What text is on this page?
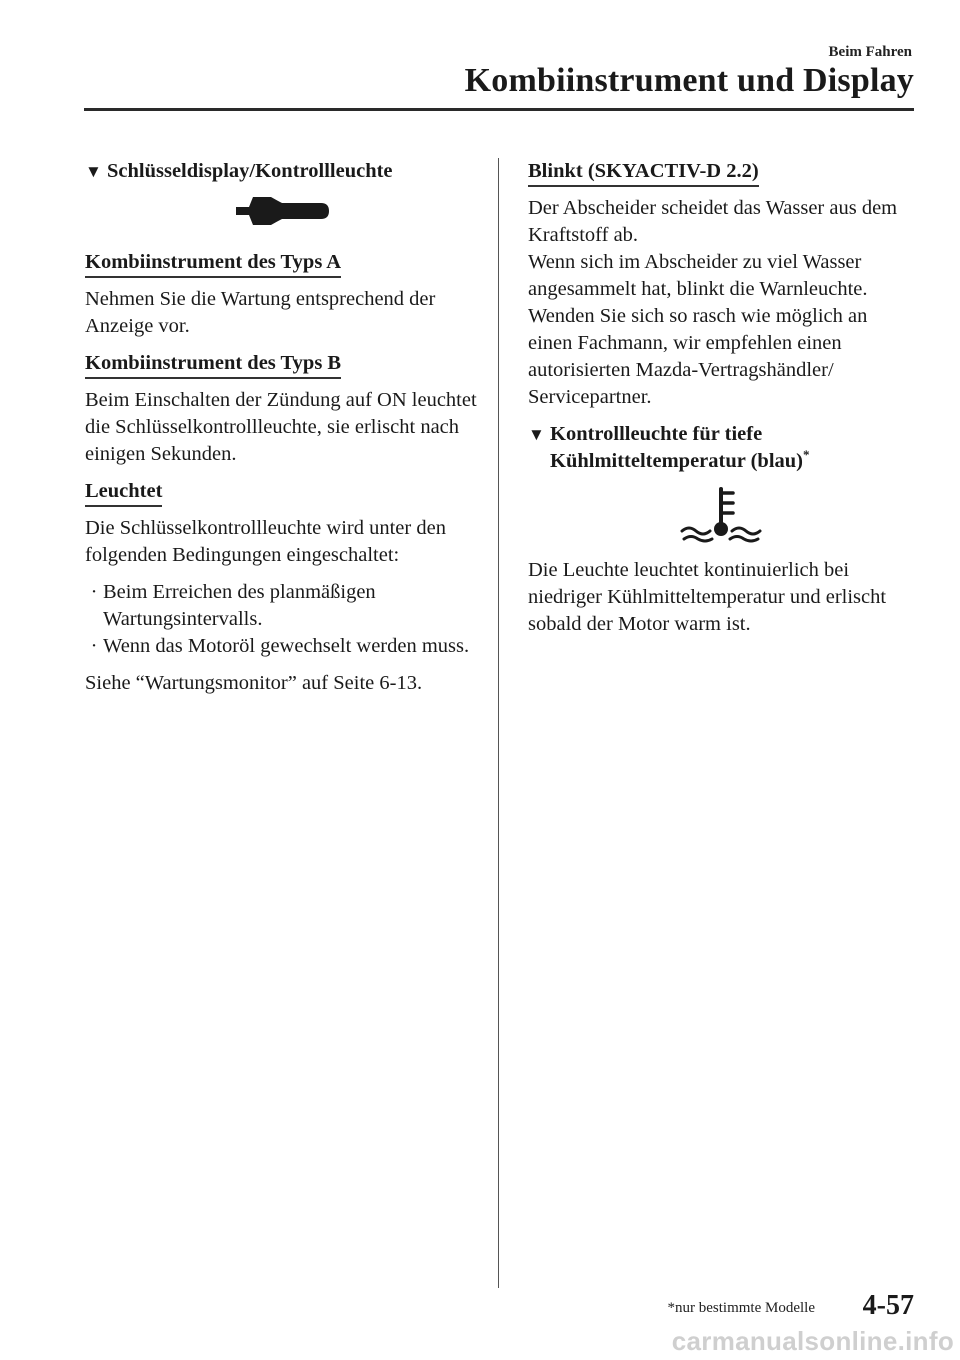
Beim Fahren
Kombiinstrument und Display
▼ Schlüsseldisplay/Kontrollleuchte
Kombiinstrument des Typs A

Nehmen Sie die Wartung entsprechend der Anzeige vor.

Kombiinstrument des Typs B

Beim Einschalten der Zündung auf ON leuchtet die Schlüsselkontrollleuchte, sie erlischt nach einigen Sekunden.

Leuchtet

Die Schlüsselkontrollleuchte wird unter den folgenden Bedingungen eingeschaltet:

· Beim Erreichen des planmäßigen Wartungsintervalls.
· Wenn das Motoröl gewechselt werden muss.

Siehe “Wartungsmonitor” auf Seite 6-13.

Blinkt (SKYACTIV-D 2.2)

Der Abscheider scheidet das Wasser aus dem Kraftstoff ab.

Wenn sich im Abscheider zu viel Wasser angesammelt hat, blinkt die Warnleuchte. Wenden Sie sich so rasch wie möglich an einen Fachmann, wir empfehlen einen autorisierten Mazda-Vertragshändler/ Servicepartner.

▼ Kontrollleuchte für tiefe
Kühlmitteltemperatur (blau)*

Die Leuchte leuchtet kontinuierlich bei niedriger Kühlmitteltemperatur und erlischt sobald der Motor warm ist.

*nur bestimmte Modelle 4-57
carmanualsonline.info
